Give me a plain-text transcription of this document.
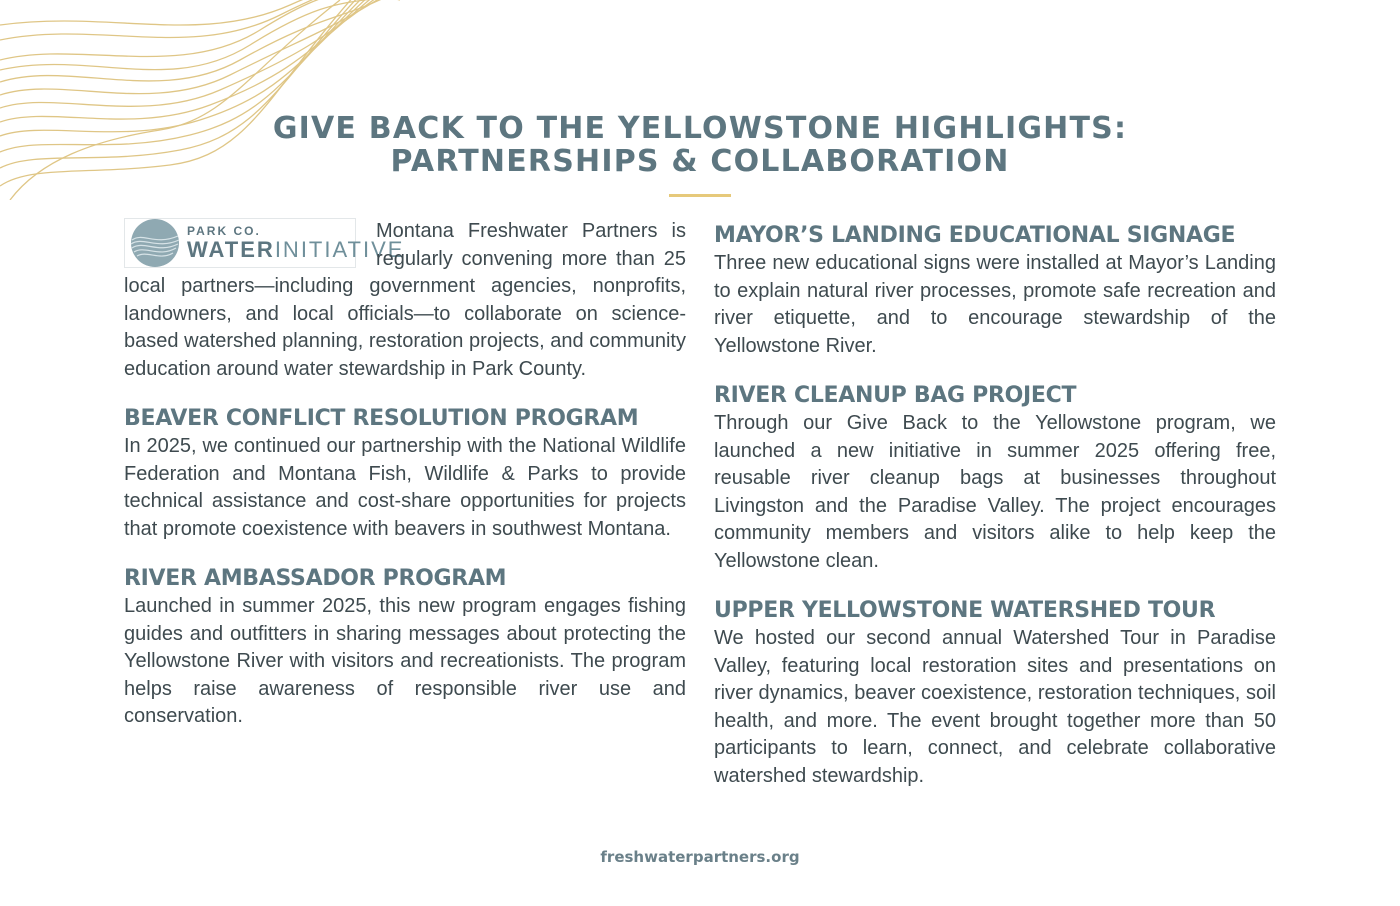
GIVE BACK TO THE YELLOWSTONE HIGHLIGHTS:
PARTNERSHIPS & COLLABORATION
PARK CO.
WATERINITIATIVE

Montana Freshwater Partners is regularly convening more than 25 local partners—including government agencies, nonprofits, landowners, and local officials—to collaborate on science-based watershed planning, restoration projects, and community education around water stewardship in Park County.

BEAVER CONFLICT RESOLUTION PROGRAM

In 2025, we continued our partnership with the National Wildlife Federation and Montana Fish, Wildlife & Parks to provide technical assistance and cost-share opportunities for projects that promote coexistence with beavers in southwest Montana.

RIVER AMBASSADOR PROGRAM

Launched in summer 2025, this new program engages fishing guides and outfitters in sharing messages about protecting the Yellowstone River with visitors and recreationists. The program helps raise awareness of responsible river use and conservation.

MAYOR’S LANDING EDUCATIONAL SIGNAGE

Three new educational signs were installed at Mayor’s Landing to explain natural river processes, promote safe recreation and river etiquette, and to encourage stewardship of the Yellowstone River.

RIVER CLEANUP BAG PROJECT

Through our Give Back to the Yellowstone program, we launched a new initiative in summer 2025 offering free, reusable river cleanup bags at businesses throughout Livingston and the Paradise Valley. The project encourages community members and visitors alike to help keep the Yellowstone clean.

UPPER YELLOWSTONE WATERSHED TOUR

We hosted our second annual Watershed Tour in Paradise Valley, featuring local restoration sites and presentations on river dynamics, beaver coexistence, restoration techniques, soil health, and more. The event brought together more than 50 participants to learn, connect, and celebrate collaborative watershed stewardship.

freshwaterpartners.org
